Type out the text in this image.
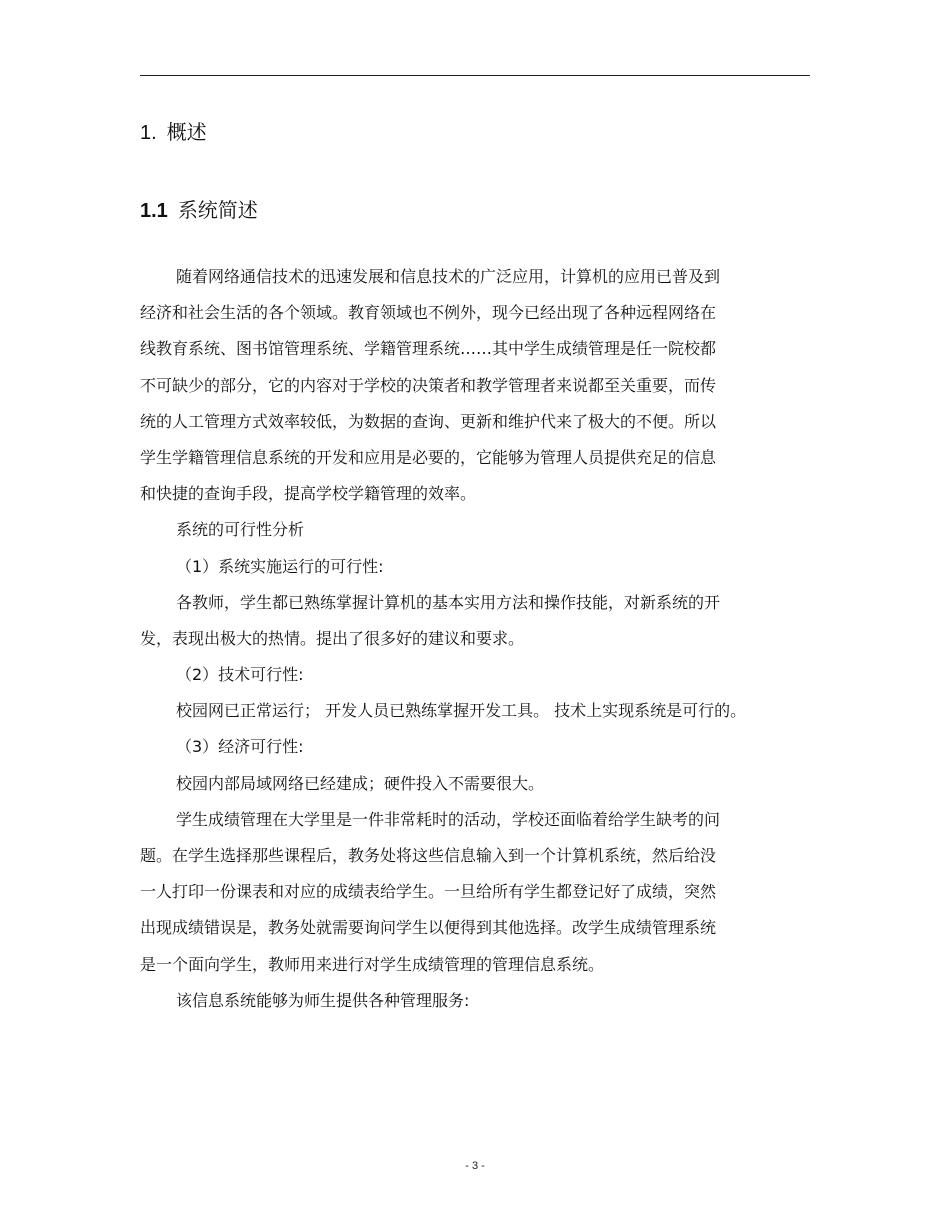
1. 概述
1.1 系统简述
随着网络通信技术的迅速发展和信息技术的广泛应用，计算机的应用已普及到
经济和社会生活的各个领域。教育领域也不例外，现今已经出现了各种远程网络在
线教育系统、图书馆管理系统、学籍管理系统……其中学生成绩管理是任一院校都
不可缺少的部分，它的内容对于学校的决策者和教学管理者来说都至关重要，而传
统的人工管理方式效率较低，为数据的查询、更新和维护代来了极大的不便。所以
学生学籍管理信息系统的开发和应用是必要的，它能够为管理人员提供充足的信息
和快捷的查询手段，提高学校学籍管理的效率。
系统的可行性分析
（1）系统实施运行的可行性:
各教师，学生都已熟练掌握计算机的基本实用方法和操作技能，对新系统的开
发，表现出极大的热情。提出了很多好的建议和要求。
（2）技术可行性:
校园网已正常运行； 开发人员已熟练掌握开发工具。 技术上实现系统是可行的。
（3）经济可行性:
校园内部局域网络已经建成；硬件投入不需要很大。
学生成绩管理在大学里是一件非常耗时的活动，学校还面临着给学生缺考的问
题。在学生选择那些课程后，教务处将这些信息输入到一个计算机系统，然后给没
一人打印一份课表和对应的成绩表给学生。一旦给所有学生都登记好了成绩，突然
出现成绩错误是，教务处就需要询问学生以便得到其他选择。改学生成绩管理系统
是一个面向学生，教师用来进行对学生成绩管理的管理信息系统。
该信息系统能够为师生提供各种管理服务:
- 3 -
